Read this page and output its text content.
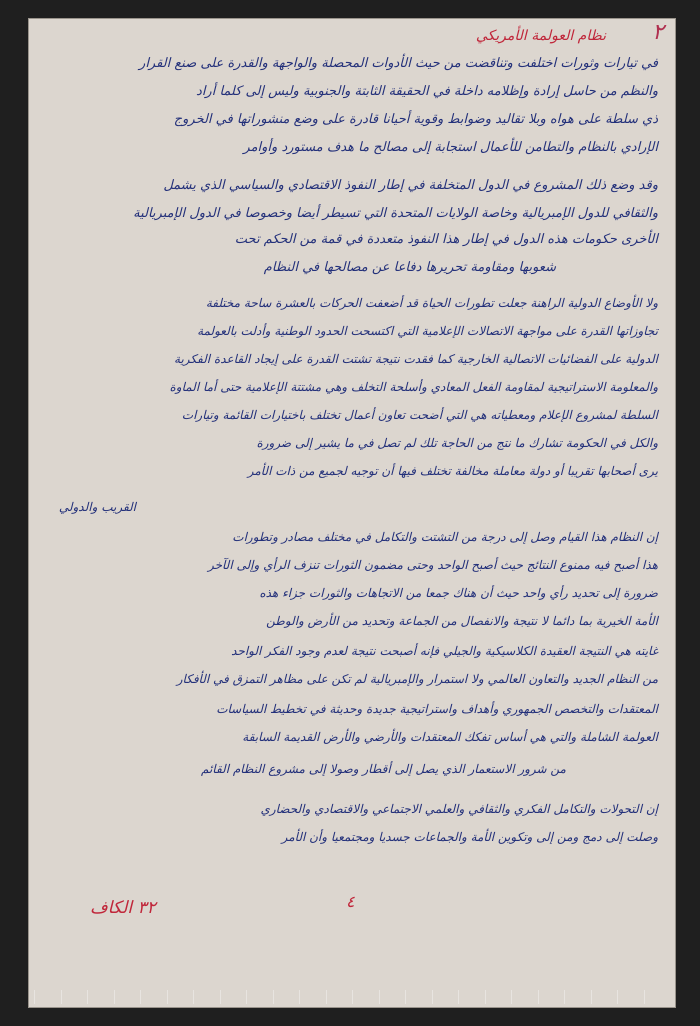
نظام العولمة الأمريكي ٢
في تيارات وثورات اختلفت وتناقضت من حيث الأدوات المحصلة والواجهة والقدرة على صنع القرار
والنظم من حاسل إرادة وإظلامه داخلة في الحقيقة الثابتة والجنوبية وليس إلى كلما أراد
ذي سلطة على هواه وبلا تقاليد وضوابط وقوية أحيانا قادرة على وضع منشوراتها في الخروج
الإرادي بالنظام والتطامن للأعمال استجابة إلى مصالح ما هدف مستورد وأوامر
وقد وضع ذلك المشروع في الدول المتخلفة في إطار النفوذ الاقتصادي والسياسي الذي يشمل
والثقافي للدول الإمبريالية وخاصة الولايات المتحدة التي تسيطر أيضا وخصوصا في الدول الإمبريالية
الأخرى حكومات هذه الدول في إطار هذا النفوذ متعددة في قمة من الحكم تحت
شعوبها ومقاومة تحريرها دفاعا عن مصالحها في النظام
ولا الأوضاع الدولية الراهنة جعلت تطورات الحياة قد أضعفت الحركات بالعشرة ساحة مختلفة
تجاوزاتها القدرة على مواجهة الاتصالات الإعلامية التي اكتسحت الحدود الوطنية وأدلت بالعولمة
الدولية على الفضائيات الاتصالية الخارجية كما فقدت نتيجة تشتت القدرة على إيجاد القاعدة الفكرية
والمعلومة الاستراتيجية لمقاومة الفعل المعادي وأسلحة التخلف وهي مشتتة الإعلامية حتى أما الماوة
السلطة لمشروع الإعلام ومعطياته هي التي أضحت تعاون أعمال تختلف باختيارات القائمة وتيارات
والكل في الحكومة تشارك ما نتج من الحاجة تلك لم تصل في ما يشير إلى ضرورة
يرى أصحابها تقريبا أو دولة معاملة مخالفة تختلف فيها أن توجيه لجميع من ذات الأمر
القريب والدولي
إن النظام هذا القيام وصل إلى درجة من التشتت والتكامل في مختلف مصادر وتطورات
هذا أصبح فيه ممنوع النتائج حيث أصبح الواحد وحتى مضمون الثورات تنزف الرأي وإلى الآخر
ضرورة إلى تحديد رأي واحد حيث أن هناك جمعا من الاتجاهات والثورات جزاء هذه
الأمة الخيرية بما دائما لا نتيجة والانفصال من الجماعة وتحديد من الأرض والوطن
غايته هي النتيجة العقيدة الكلاسيكية والجيلي فإنه أصبحت نتيجة لعدم وجود الفكر الواحد
من النظام الجديد والتعاون العالمي ولا استمرار والإمبريالية لم تكن على مظاهر التمزق في الأفكار
المعتقدات والتخصص الجمهوري وأهداف واستراتيجية جديدة وحديثة في تخطيط السياسات
العولمة الشاملة والتي هي أساس تفكك المعتقدات والأرضي والأرض القديمة السابقة
من شرور الاستعمار الذي يصل إلى أقطار وصولا إلى مشروع النظام القائم
إن التحولات والتكامل الفكري والثقافي والعلمي الاجتماعي والاقتصادي والحضاري
وصلت إلى دمج ومن إلى وتكوين الأمة والجماعات جسديا ومجتمعيا وأن الأمر
٤
٣٢ الكاف
